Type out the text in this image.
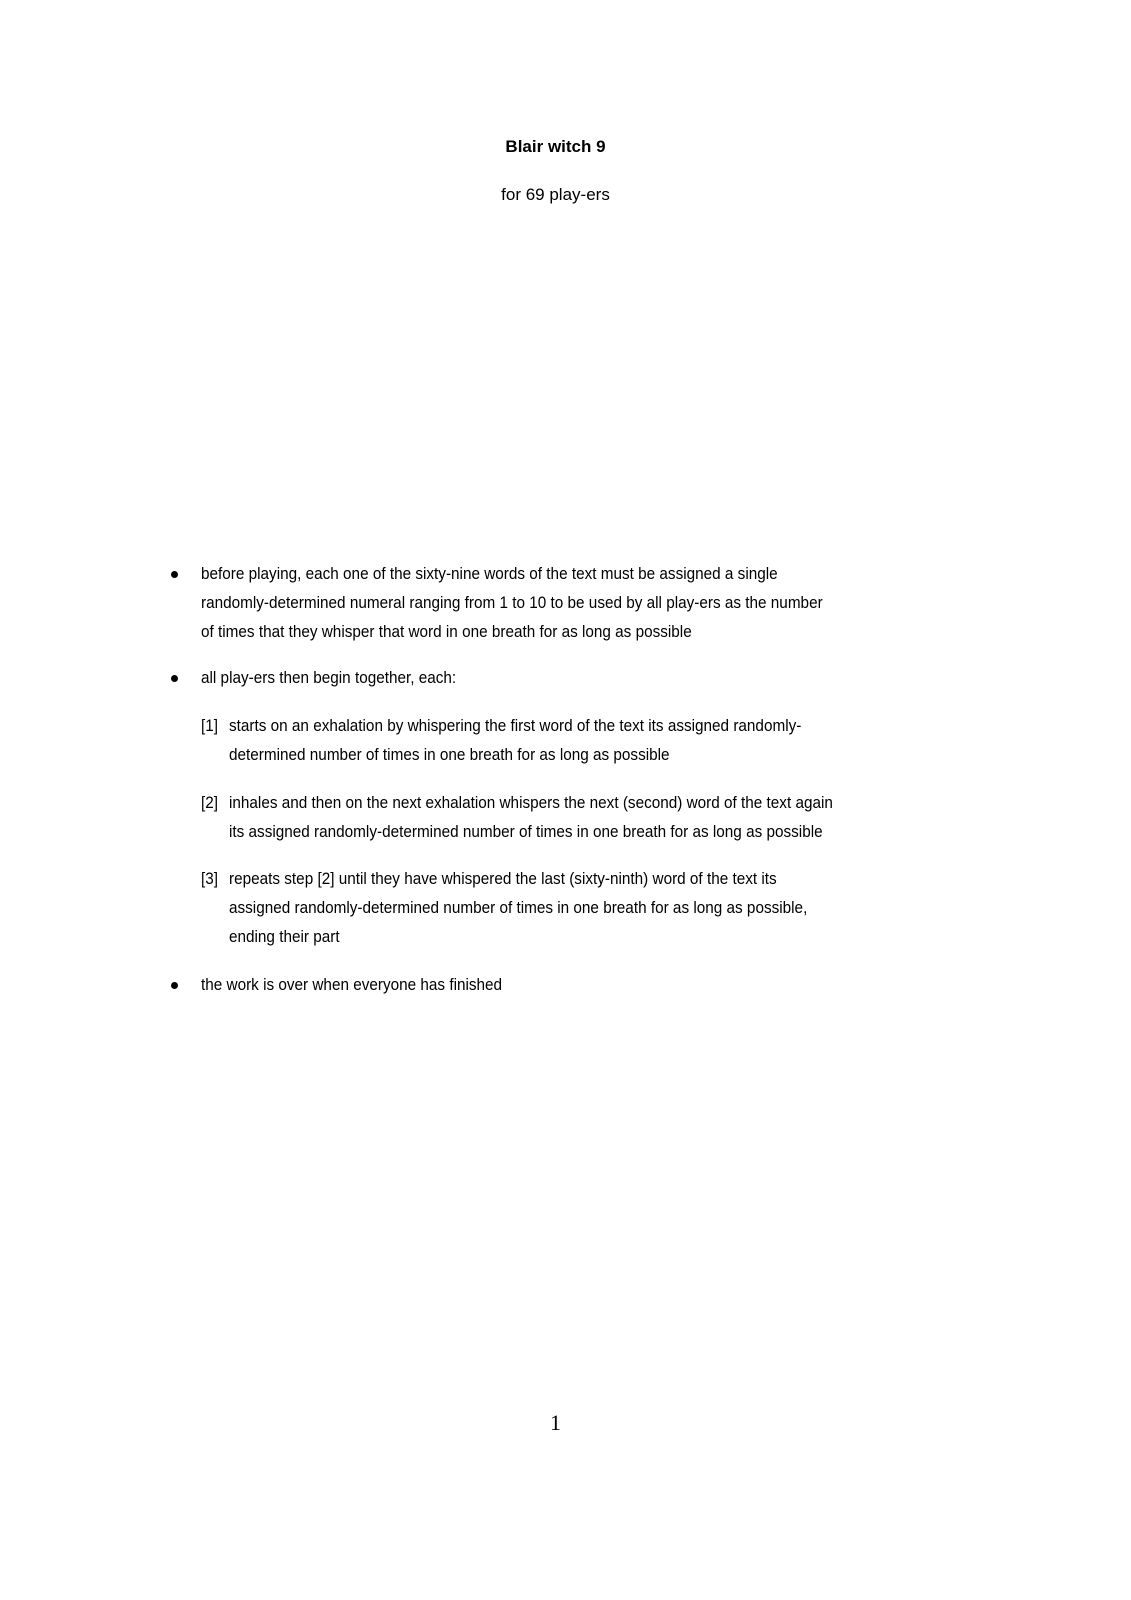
Blair witch 9
for 69 play-ers
before playing, each one of the sixty-nine words of the text must be assigned a single
randomly-determined numeral ranging from 1 to 10 to be used by all play-ers as the number
of times that they whisper that word in one breath for as long as possible
all play-ers then begin together, each:
[1] starts on an exhalation by whispering the first word of the text its assigned randomly-
determined number of times in one breath for as long as possible
[2] inhales and then on the next exhalation whispers the next (second) word of the text again
its assigned randomly-determined number of times in one breath for as long as possible
[3] repeats step [2] until they have whispered the last (sixty-ninth) word of the text its
assigned randomly-determined number of times in one breath for as long as possible,
ending their part
the work is over when everyone has finished
1
